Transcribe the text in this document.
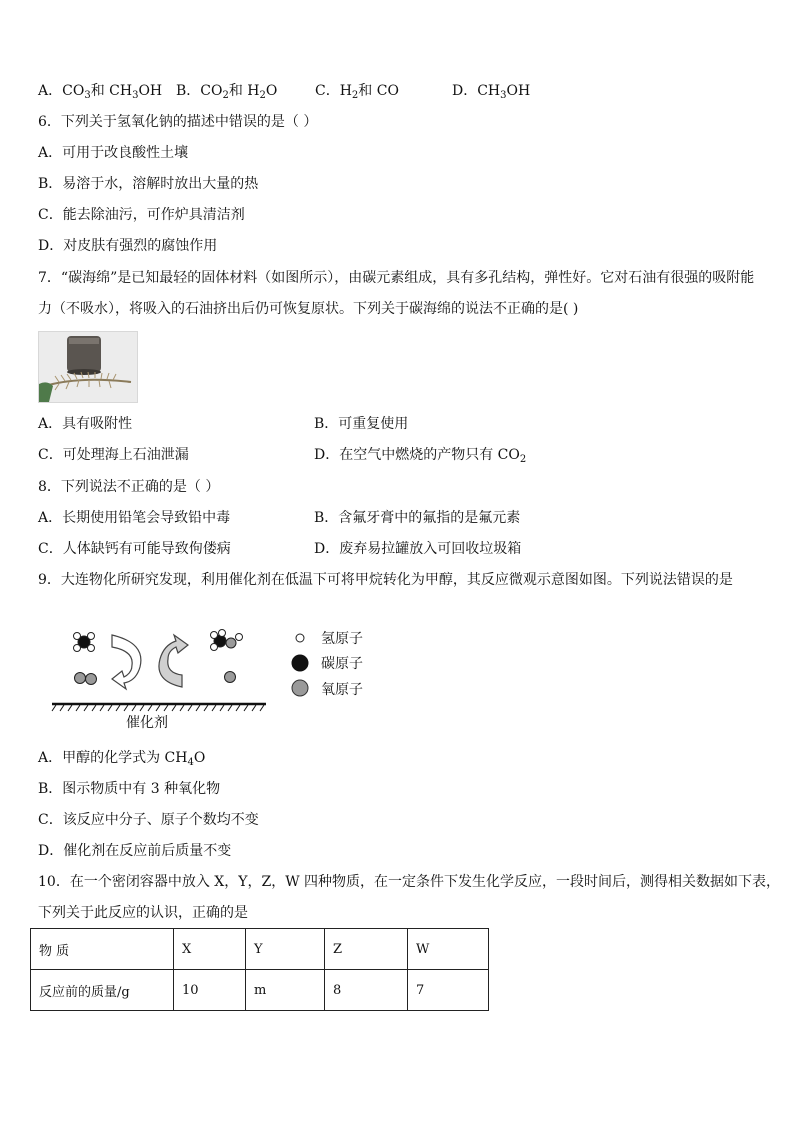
A．$CO_3$和 $CH_3OH$ B．$CO_2$和 $H_2O$	C．$H_2$和 CO	D．$CH_3OH$
6．下列关于氢氧化钠的描述中错误的是（ ）
A．可用于改良酸性土壤
B．易溶于水，溶解时放出大量的热
C．能去除油污，可作炉具清洁剂
D．对皮肤有强烈的腐蚀作用
7．“碳海绵”是已知最轻的固体材料（如图所示），由碳元素组成，具有多孔结构，弹性好。它对石油有很强的吸附能
力（不吸水），将吸入的石油挤出后仍可恢复原状。下列关于碳海绵的说法不正确的是( )
A．具有吸附性	B．可重复使用
C．可处理海上石油泄漏	D．在空气中燃烧的产物只有 $CO_2$
8．下列说法不正确的是（ ）
A．长期使用铅笔会导致铅中毒	B．含氟牙膏中的氟指的是氟元素
C．人体缺钙有可能导致佝偻病	D．废弃易拉罐放入可回收垃圾箱
9．大连物化所研究发现，利用催化剂在低温下可将甲烷转化为甲醇，其反应微观示意图如图。下列说法错误的是
氢原子
碳原子
氧原子
催化剂
A．甲醇的化学式为 $CH_4O$
B．图示物质中有 3 种氧化物
C．该反应中分子、原子个数均不变
D．催化剂在反应前后质量不变
10．在一个密闭容器中放入 X，Y，Z，W 四种物质，在一定条件下发生化学反应，一段时间后，测得相关数据如下表，
下列关于此反应的认识，正确的是
物 质	X	Y	Z	W
反应前的质量/g	10	m	8	7
